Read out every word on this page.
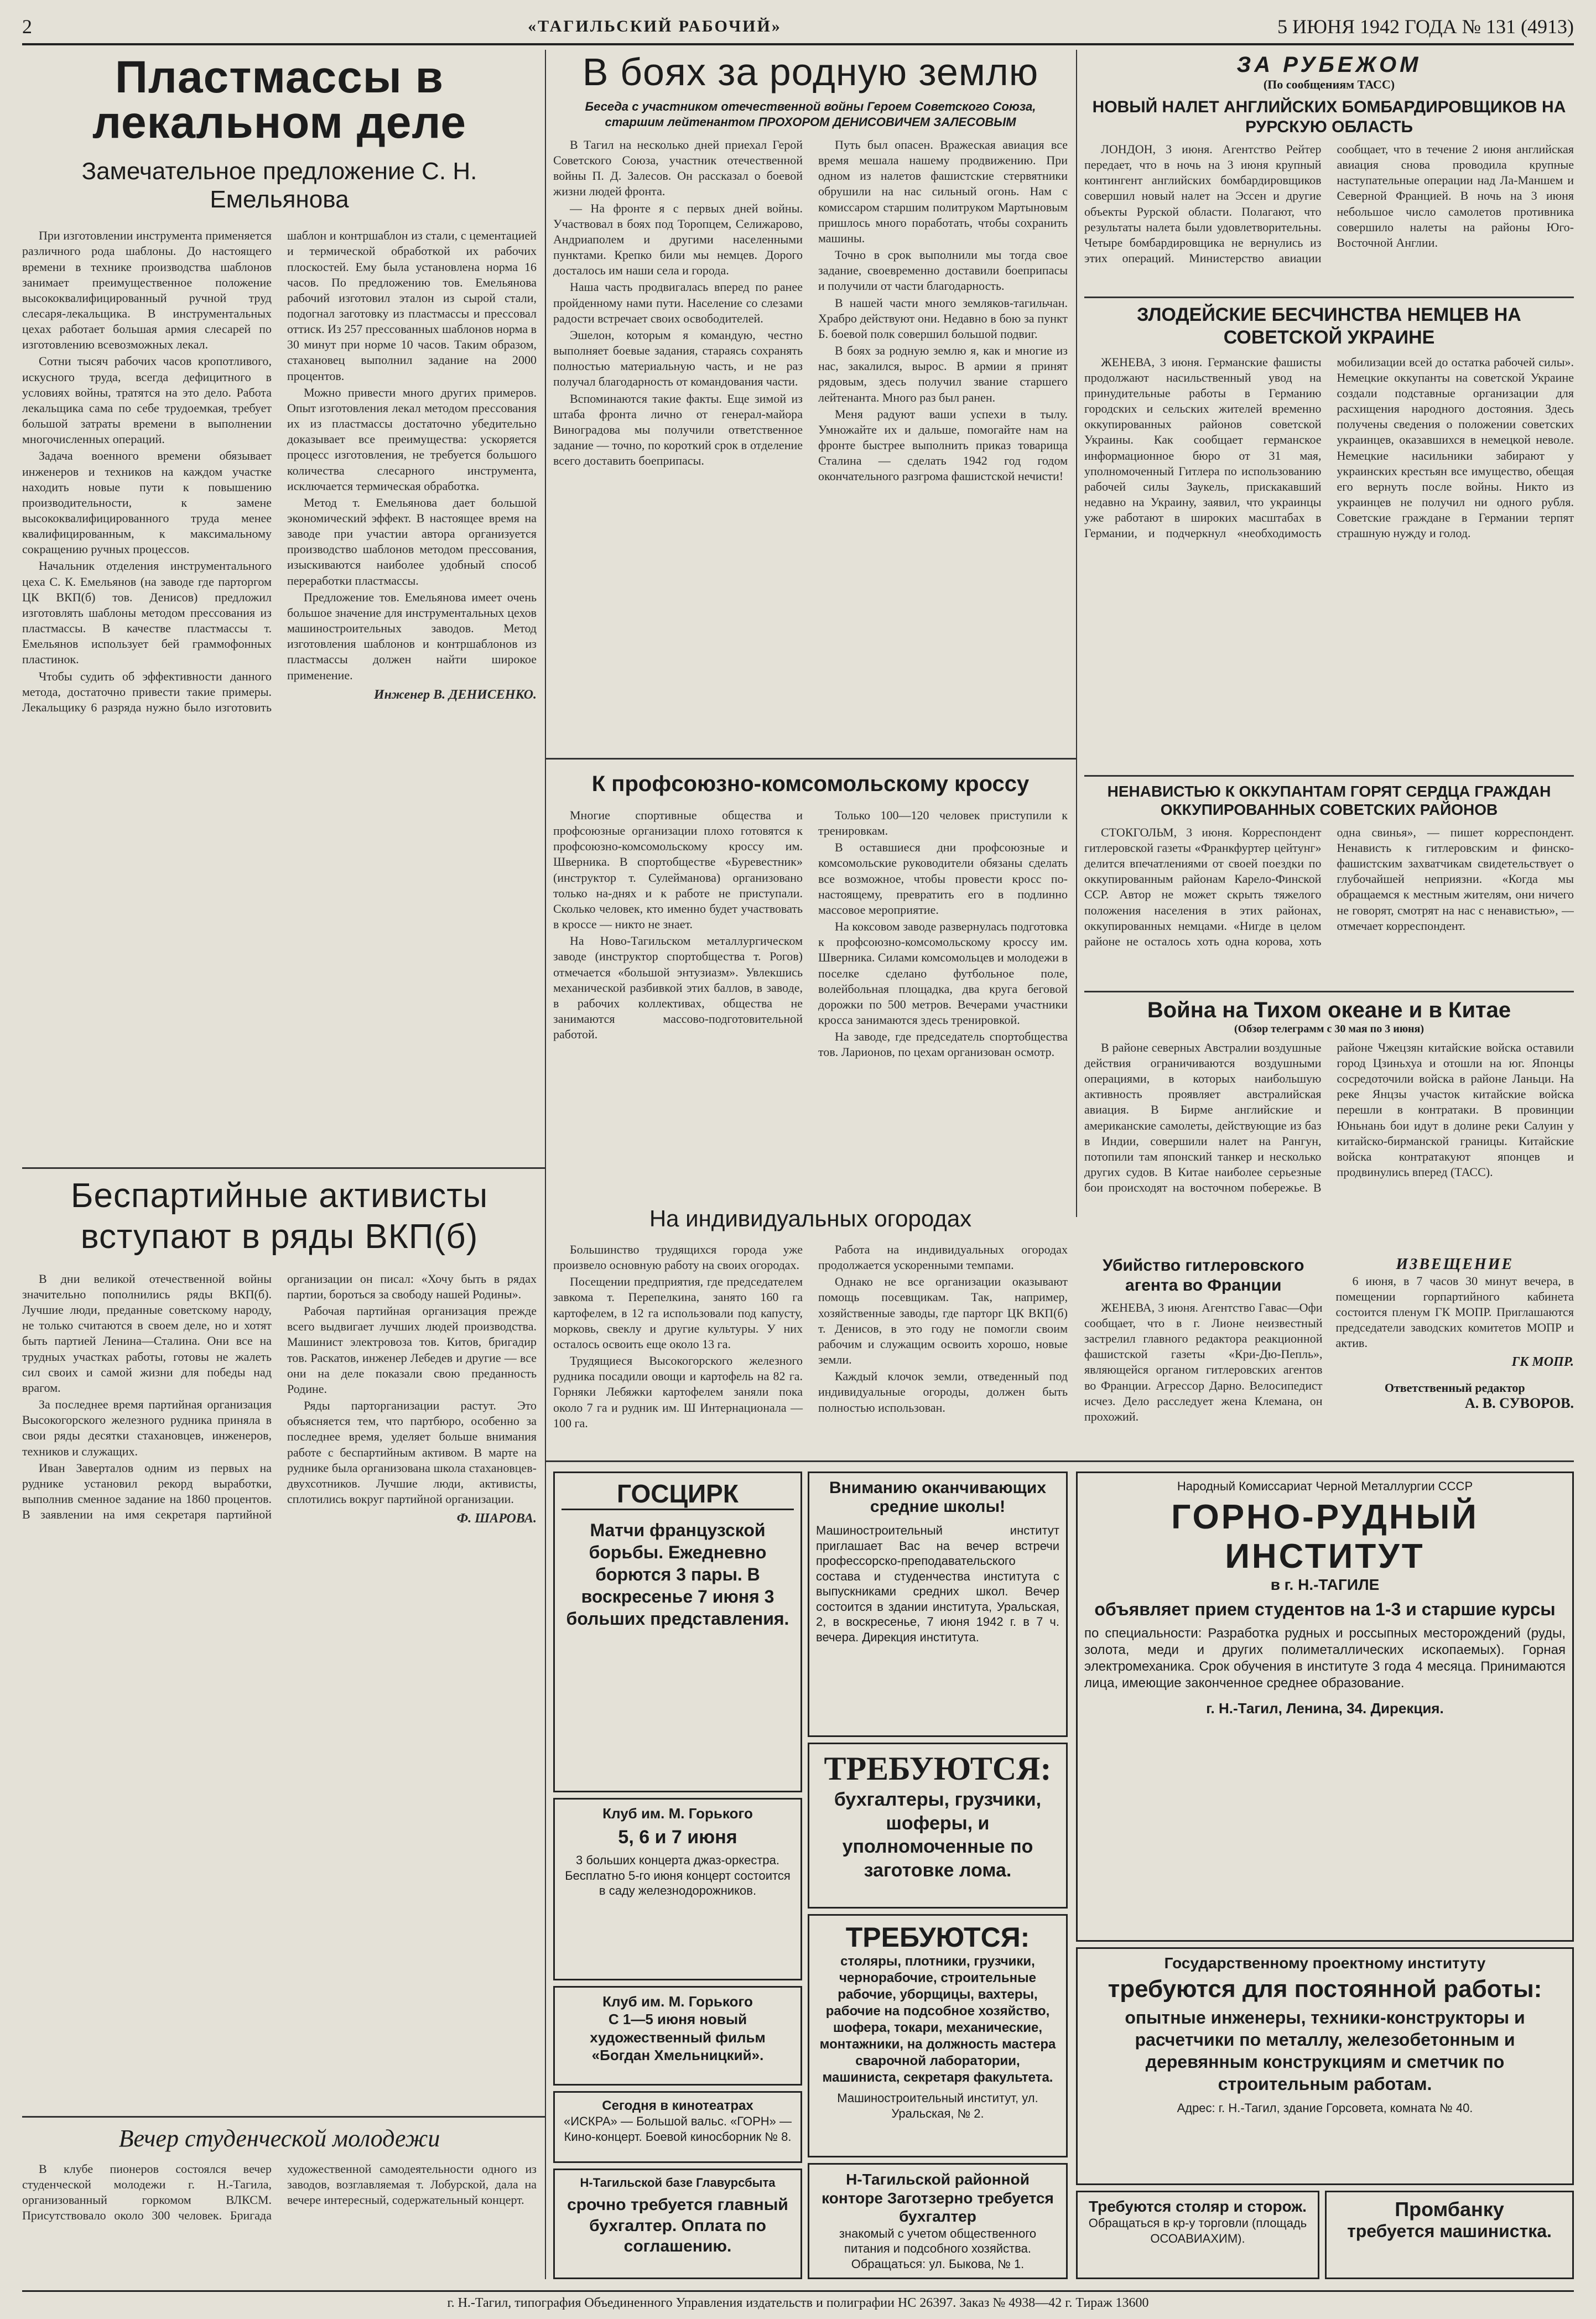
2	«ТАГИЛЬСКИЙ РАБОЧИЙ»	5 ИЮНЯ 1942 ГОДА № 131 (4913)
Пластмассы в лекальном деле
Замечательное предложение С. Н. Емельянова

При изготовлении инструмента применяется различного рода шаблоны. До настоящего времени в технике производства шаблонов занимает преимущественное положение высококвалифицированный ручной труд слесаря-лекальщика. В инструментальных цехах работает большая армия слесарей по изготовлению всевозможных лекал.

Сотни тысяч рабочих часов кропотливого, искусного труда, всегда дефицитного в условиях войны, тратятся на это дело. Работа лекальщика сама по себе трудоемкая, требует большой затраты времени в выполнении многочисленных операций.

Задача военного времени обязывает инженеров и техников на каждом участке находить новые пути к повышению производительности, к замене высококвалифицированного труда менее квалифицированным, к максимальному сокращению ручных процессов.

Начальник отделения инструментального цеха С. К. Емельянов (на заводе где парторгом ЦК ВКП(б) тов. Денисов) предложил изготовлять шаблоны методом прессования из пластмассы. В качестве пластмассы т. Емельянов использует бей граммофонных пластинок.

Чтобы судить об эффективности данного метода, достаточно привести такие примеры. Лекальщику 6 разряда нужно было изготовить шаблон и контршаблон из стали, с цементацией и термической обработкой их рабочих плоскостей. Ему была установлена норма 16 часов. По предложению тов. Емельянова рабочий изготовил эталон из сырой стали, подогнал заготовку из пластмассы и прессовал оттиск. Из 257 прессованных шаблонов норма в 30 минут при норме 10 часов. Таким образом, стахановец выполнил задание на 2000 процентов.

Можно привести много других примеров. Опыт изготовления лекал методом прессования их из пластмассы достаточно убедительно доказывает все преимущества: ускоряется процесс изготовления, не требуется большого количества слесарного инструмента, исключается термическая обработка.

Метод т. Емельянова дает большой экономический эффект. В настоящее время на заводе при участии автора организуется производство шаблонов методом прессования, изыскиваются наиболее удобный способ переработки пластмассы.

Предложение тов. Емельянова имеет очень большое значение для инструментальных цехов машиностроительных заводов. Метод изготовления шаблонов и контршаблонов из пластмассы должен найти широкое применение.

Инженер В. ДЕНИСЕНКО.
Беспартийные активисты вступают в ряды ВКП(б)

В дни великой отечественной войны значительно пополнились ряды ВКП(б). Лучшие люди, преданные советскому народу, не только считаются в своем деле, но и хотят быть партией Ленина—Сталина. Они все на трудных участках работы, готовы не жалеть сил своих и самой жизни для победы над врагом.

За последнее время партийная организация Высокогорского железного рудника приняла в свои ряды десятки стахановцев, инженеров, техников и служащих.

Иван Заверталов одним из первых на руднике установил рекорд выработки, выполнив сменное задание на 1860 процентов. В заявлении на имя секретаря партийной организации он писал: «Хочу быть в рядах партии, бороться за свободу нашей Родины».

Рабочая партийная организация прежде всего выдвигает лучших людей производства. Машинист электровоза тов. Китов, бригадир тов. Раскатов, инженер Лебедев и другие — все они на деле показали свою преданность Родине.

Ряды парторганизации растут. Это объясняется тем, что партбюро, особенно за последнее время, уделяет больше внимания работе с беспартийным активом. В марте на руднике была организована школа стахановцев-двухсотников. Лучшие люди, активисты, сплотились вокруг партийной организации.

Ф. ШАРОВА.
Вечер студенческой молодежи

В клубе пионеров состоялся вечер студенческой молодежи г. Н.-Тагила, организованный горкомом ВЛКСМ. Присутствовало около 300 человек. Бригада художественной самодеятельности одного из заводов, возглавляемая т. Лобурской, дала на вечере интересный, содержательный концерт.

В боях за родную землю
Беседа с участником отечественной войны Героем Советского Союза, старшим лейтенантом ПРОХОРОМ ДЕНИСОВИЧЕМ ЗАЛЕСОВЫМ

В Тагил на несколько дней приехал Герой Советского Союза, участник отечественной войны П. Д. Залесов. Он рассказал о боевой жизни людей фронта.

— На фронте я с первых дней войны. Участвовал в боях под Торопцем, Селижарово, Андриаполем и другими населенными пунктами. Крепко били мы немцев. Дорого досталось им наши села и города.

Наша часть продвигалась вперед по ранее пройденному нами пути. Население со слезами радости встречает своих освободителей.

Эшелон, которым я командую, честно выполняет боевые задания, стараясь сохранять полностью материальную часть, и не раз получал благодарность от командования части.

Вспоминаются такие факты. Еще зимой из штаба фронта лично от генерал-майора Виноградова мы получили ответственное задание — точно, по короткий срок в отделение всего доставить боеприпасы.

Путь был опасен. Вражеская авиация все время мешала нашему продвижению. При одном из налетов фашистские стервятники обрушили на нас сильный огонь. Нам с комиссаром старшим политруком Мартыновым пришлось много поработать, чтобы сохранить машины.

Точно в срок выполнили мы тогда свое задание, своевременно доставили боеприпасы и получили от части благодарность.

В нашей части много земляков-тагильчан. Храбро действуют они. Недавно в бою за пункт Б. боевой полк совершил большой подвиг.

В боях за родную землю я, как и многие из нас, закалился, вырос. В армии я принят рядовым, здесь получил звание старшего лейтенанта. Много раз был ранен.

Меня радуют ваши успехи в тылу. Умножайте их и дальше, помогайте нам на фронте быстрее выполнить приказ товарища Сталина — сделать 1942 год годом окончательного разгрома фашистской нечисти!

К профсоюзно-комсомольскому кроссу

Многие спортивные общества и профсоюзные организации плохо готовятся к профсоюзно-комсомольскому кроссу им. Шверника. В спортобществе «Буревестник» (инструктор т. Сулейманова) организовано только на-днях и к работе не приступали. Сколько человек, кто именно будет участвовать в кроссе — никто не знает.

На Ново-Тагильском металлургическом заводе (инструктор спортобщества т. Рогов) отмечается «большой энтузиазм». Увлекшись механической разбивкой этих баллов, в заводе, в рабочих коллективах, общества не занимаются массово-подготовительной работой.

Только 100—120 человек приступили к тренировкам.

В оставшиеся дни профсоюзные и комсомольские руководители обязаны сделать все возможное, чтобы провести кросс по-настоящему, превратить его в подлинно массовое мероприятие.

На коксовом заводе развернулась подготовка к профсоюзно-комсомольскому кроссу им. Шверника. Силами комсомольцев и молодежи в поселке сделано футбольное поле, волейбольная площадка, два круга беговой дорожки по 500 метров. Вечерами участники кросса занимаются здесь тренировкой.

На заводе, где председатель спортобщества тов. Ларионов, по цехам организован осмотр.

На индивидуальных огородах

Большинство трудящихся города уже произвело основную работу на своих огородах.

Посещении предприятия, где председателем завкома т. Перепелкина, занято 160 га картофелем, в 12 га использовали под капусту, морковь, свеклу и другие культуры. У них осталось освоить еще около 13 га.

Трудящиеся Высокогорского железного рудника посадили овощи и картофель на 82 га. Горняки Лебяжки картофелем заняли пока около 7 га и рудник им. Ш Интернационала — 100 га.

Работа на индивидуальных огородах продолжается ускоренными темпами.

Однако не все организации оказывают помощь посевщикам. Так, например, хозяйственные заводы, где парторг ЦК ВКП(б) т. Денисов, в это году не помогли своим рабочим и служащим освоить хорошо, новые земли.

Каждый клочок земли, отведенный под индивидуальные огороды, должен быть полностью использован.

ЗА РУБЕЖОМ
(По сообщениям ТАСС)
НОВЫЙ НАЛЕТ АНГЛИЙСКИХ БОМБАРДИРОВЩИКОВ НА РУРСКУЮ ОБЛАСТЬ

ЛОНДОН, 3 июня. Агентство Рейтер передает, что в ночь на 3 июня крупный контингент английских бомбардировщиков совершил новый налет на Эссен и другие объекты Рурской области. Полагают, что результаты налета были удовлетворительны. Четыре бомбардировщика не вернулись из этих операций. Министерство авиации сообщает, что в течение 2 июня английская авиация снова проводила крупные наступательные операции над Ла-Маншем и Северной Францией. В ночь на 3 июня небольшое число самолетов противника совершило налеты на районы Юго-Восточной Англии.

ЗЛОДЕЙСКИЕ БЕСЧИНСТВА НЕМЦЕВ НА СОВЕТСКОЙ УКРАИНЕ

ЖЕНЕВА, 3 июня. Германские фашисты продолжают насильственный увод на принудительные работы в Германию городских и сельских жителей временно оккупированных районов советской Украины. Как сообщает германское информационное бюро от 31 мая, уполномоченный Гитлера по использованию рабочей силы Заукель, прискакавший недавно на Украину, заявил, что украинцы уже работают в широких масштабах в Германии, и подчеркнул «необходимость мобилизации всей до остатка рабочей силы». Немецкие оккупанты на советской Украине создали подставные организации для расхищения народного достояния. Здесь получены сведения о положении советских украинцев, оказавшихся в немецкой неволе. Немецкие насильники забирают у украинских крестьян все имущество, обещая его вернуть после войны. Никто из украинцев не получил ни одного рубля. Советские граждане в Германии терпят страшную нужду и голод.

НЕНАВИСТЬЮ К ОККУПАНТАМ ГОРЯТ СЕРДЦА ГРАЖДАН ОККУПИРОВАННЫХ СОВЕТСКИХ РАЙОНОВ

СТОКГОЛЬМ, 3 июня. Корреспондент гитлеровской газеты «Франкфуртер цейтунг» делится впечатлениями от своей поездки по оккупированным районам Карело-Финской ССР. Автор не может скрыть тяжелого положения населения в этих районах, оккупированных немцами. «Нигде в целом районе не осталось хоть одна корова, хоть одна свинья», — пишет корреспондент. Ненависть к гитлеровским и финско-фашистским захватчикам свидетельствует о глубочайшей неприязни. «Когда мы обращаемся к местным жителям, они ничего не говорят, смотрят на нас с ненавистью», — отмечает корреспондент.

Война на Тихом океане и в Китае
(Обзор телеграмм с 30 мая по 3 июня)

В районе северных Австралии воздушные действия ограничиваются воздушными операциями, в которых наибольшую активность проявляет австралийская авиация. В Бирме английские и американские самолеты, действующие из баз в Индии, совершили налет на Рангун, потопили там японский танкер и несколько других судов. В Китае наиболее серьезные бои происходят на восточном побережье. В районе Чжецзян китайские войска оставили город Цзиньхуа и отошли на юг. Японцы сосредоточили войска в районе Ланьци. На реке Янцзы участок китайские войска перешли в контратаки. В провинции Юньнань бои идут в долине реки Салуин у китайско-бирманской границы. Китайские войска контратакуют японцев и продвинулись вперед (ТАСС).

Убийство гитлеровского агента во Франции

ЖЕНЕВА, 3 июня. Агентство Гавас—Офи сообщает, что в г. Лионе неизвестный застрелил главного редактора реакционной фашистской газеты «Кри-Дю-Пепль», являющейся органом гитлеровских агентов во Франции. Агрессор Дарно. Велосипедист исчез. Дело расследует жена Клемана, он прохожий.

ИЗВЕЩЕНИЕ

6 июня, в 7 часов 30 минут вечера, в помещении горпартийного кабинета состоится пленум ГК МОПР. Приглашаются председатели заводских комитетов МОПР и актив.

ГК МОПР.
Ответственный редактор
А. В. СУВОРОВ.
ГОСЦИРК
Матчи французской борьбы. Ежедневно борются 3 пары. В воскресенье 7 июня 3 больших представления.
Клуб им. М. Горького
5, 6 и 7 июня
3 больших концерта джаз-оркестра. Бесплатно 5-го июня концерт состоится в саду железнодорожников.
Клуб им. М. Горького
С 1—5 июня новый художественный фильм «Богдан Хмельницкий».
Сегодня в кинотеатрах
«ИСКРА» — Большой вальс. «ГОРН» — Кино-концерт. Боевой киносборник № 8.
Н-Тагильской базе Главурсбыта
срочно требуется главный бухгалтер. Оплата по соглашению.
Вниманию оканчивающих средние школы!
Машиностроительный институт приглашает Вас на вечер встречи профессорско-преподавательского состава и студенчества института с выпускниками средних школ. Вечер состоится в здании института, Уральская, 2, в воскресенье, 7 июня 1942 г. в 7 ч. вечера. Дирекция института.
ТРЕБУЮТСЯ:
бухгалтеры, грузчики, шоферы, и уполномоченные по заготовке лома.
ТРЕБУЮТСЯ:
столяры, плотники, грузчики, чернорабочие, строительные рабочие, уборщицы, вахтеры, рабочие на подсобное хозяйство, шофера, токари, механические, монтажники, на должность мастера сварочной лаборатории, машиниста, секретаря факультета.
Машиностроительный институт, ул. Уральская, № 2.
Н-Тагильской районной конторе Заготзерно требуется бухгалтер
знакомый с учетом общественного питания и подсобного хозяйства. Обращаться: ул. Быкова, № 1.
Народный Комиссариат Черной Металлургии СССР
ГОРНО-РУДНЫЙ ИНСТИТУТ
в г. Н.-ТАГИЛЕ
объявляет прием студентов на 1-3 и старшие курсы
по специальности: Разработка рудных и россыпных месторождений (руды, золота, меди и других полиметаллических ископаемых). Горная электромеханика. Срок обучения в институте 3 года 4 месяца. Принимаются лица, имеющие законченное среднее образование.
г. Н.-Тагил, Ленина, 34. Дирекция.
Государственному проектному институту
требуются для постоянной работы:
опытные инженеры, техники-конструкторы и расчетчики по металлу, железобетонным и деревянным конструкциям и сметчик по строительным работам.
Адрес: г. Н.-Тагил, здание Горсовета, комната № 40.
Требуются столяр и сторож.
Обращаться в кр-у торговли (площадь ОСОАВИАХИМ).
Промбанку
требуется машинистка.
г. Н.-Тагил, типография Объединенного Управления издательств и полиграфии НС 26397. Заказ № 4938—42 г. Тираж 13600
